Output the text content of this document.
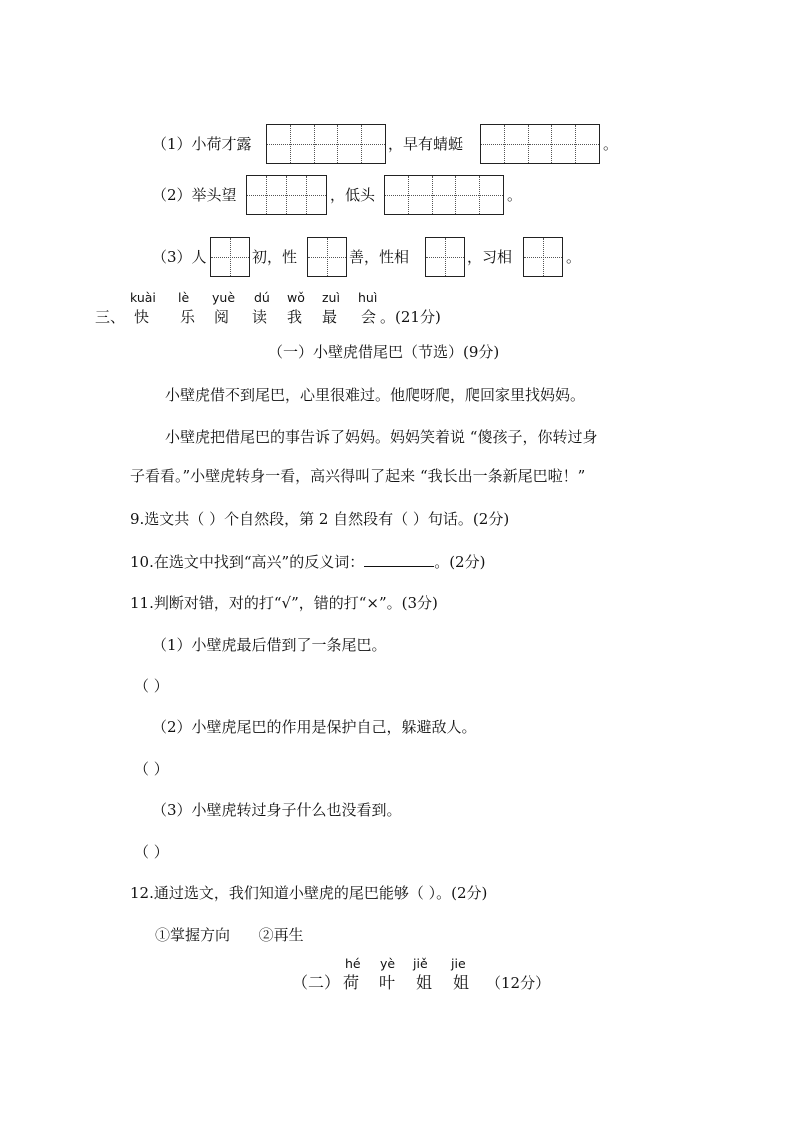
（1）小荷才露	，早有蜻蜓	。
（2）举头望	，低头	。
（3）人	初，性	善，性相	，习相	。
三、
kuài
快
lè
乐
yuè
阅
dú
读
wǒ
我
zuì
最
huì
会 。(21分)
（一）小壁虎借尾巴（节选）(9分)
小壁虎借不到尾巴，心里很难过。他爬呀爬，爬回家里找妈妈。
小壁虎把借尾巴的事告诉了妈妈。妈妈笑着说 “傻孩子，你转过身
子看看。”小壁虎转身一看，高兴得叫了起来 “我长出一条新尾巴啦！”
9.选文共（ ）个自然段，第 2 自然段有（ ）句话。(2分)
10.在选文中找到“高兴”的反义词：	。(2分)
11.判断对错，对的打“√”，错的打“×”。(3分)
（1）小壁虎最后借到了一条尾巴。
（ ）
（2）小壁虎尾巴的作用是保护自己，躲避敌人。
（ ）
（3）小壁虎转过身子什么也没看到。
（ ）
12.通过选文，我们知道小壁虎的尾巴能够（ ）。(2分)
①掌握方向      ②再生
（二）
hé
荷
yè
叶
jiě
姐
jie
姐 （12分）
